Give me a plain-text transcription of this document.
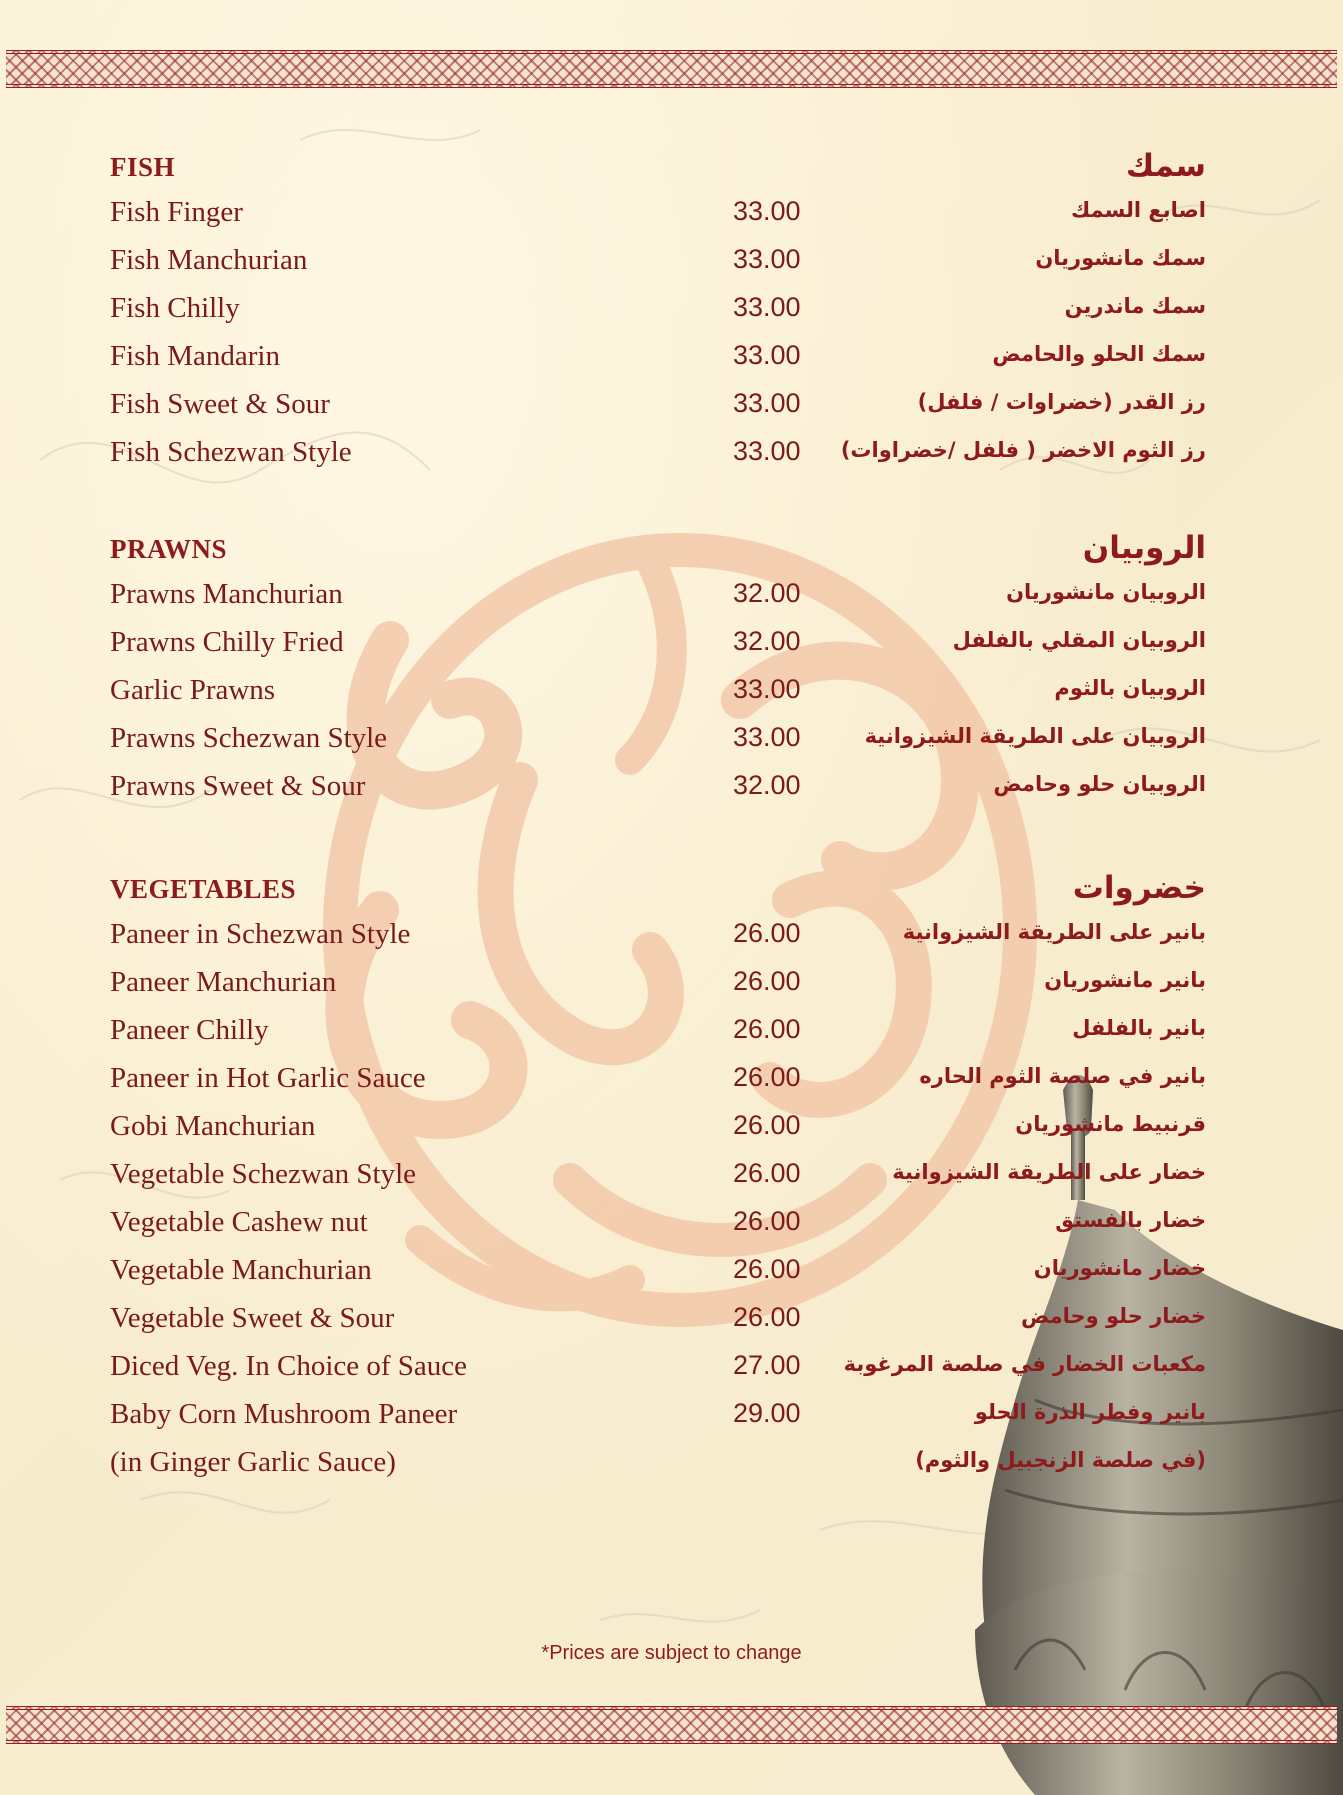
FISH	سمك
Fish Finger	33.00	اصابع السمك
Fish Manchurian	33.00	سمك مانشوريان
Fish Chilly	33.00	سمك ماندرين
Fish Mandarin	33.00	سمك الحلو والحامض
Fish Sweet & Sour	33.00	رز القدر (خضراوات / فلفل)
Fish Schezwan Style	33.00 رز الثوم الاخضر ( فلفل /خضراوات)
PRAWNS	الروبيان
Prawns Manchurian	32.00	الروبيان مانشوريان
Prawns Chilly Fried	32.00	الروبيان المقلي بالفلفل
Garlic Prawns	33.00	الروبيان بالثوم
Prawns Schezwan Style	33.00	الروبيان على الطريقة الشيزوانية
Prawns Sweet & Sour	32.00	الروبيان حلو وحامض
VEGETABLES	خضروات
Paneer in Schezwan Style	26.00	بانير على الطريقة الشيزوانية
Paneer Manchurian	26.00	بانير مانشوريان
Paneer Chilly	26.00	بانير بالفلفل
Paneer in Hot Garlic Sauce	26.00	بانير في صلصة الثوم الحاره
Gobi Manchurian	26.00	قرنبيط مانشوريان
Vegetable Schezwan Style	26.00	خضار على الطريقة الشيزوانية
Vegetable Cashew nut	26.00	خضار بالفستق
Vegetable Manchurian	26.00	خضار مانشوريان
Vegetable Sweet & Sour	26.00	خضار حلو وحامض
Diced Veg. In Choice of Sauce	27.00 مكعبات الخضار في صلصة المرغوبة
Baby Corn Mushroom Paneer	29.00	بانير وفطر الذرة الحلو
(in Ginger Garlic Sauce)	(في صلصة الزنجبيل والثوم)
*Prices are subject to change
